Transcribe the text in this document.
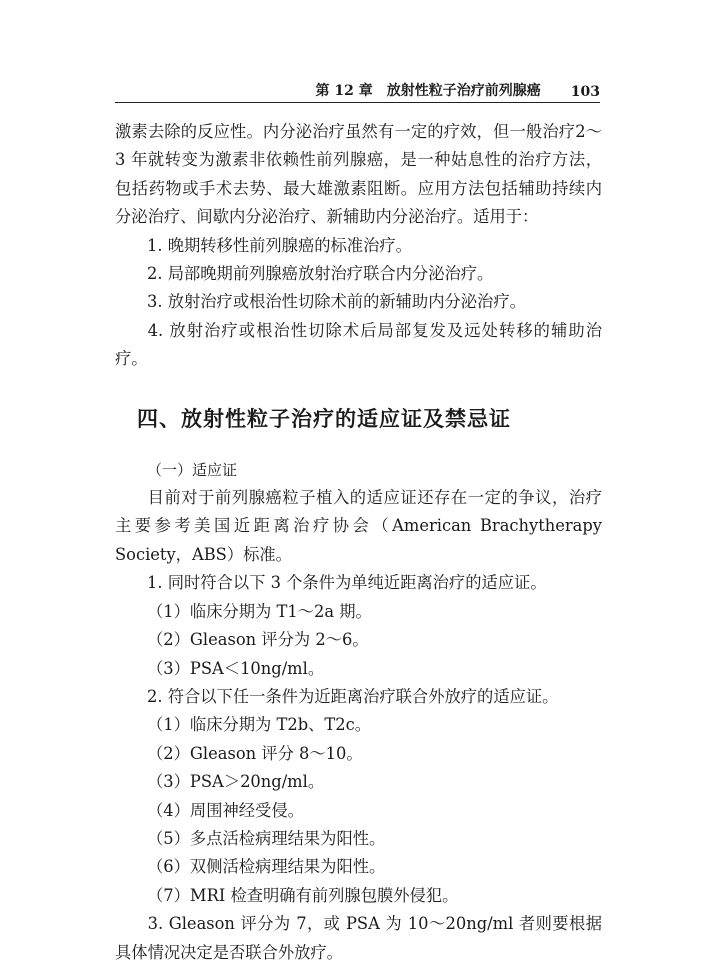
第 12 章　放射性粒子治疗前列腺癌 103

激素去除的反应性。内分泌治疗虽然有一定的疗效，但一般治疗2～3 年就转变为激素非依赖性前列腺癌，是一种姑息性的治疗方法，包括药物或手术去势、最大雄激素阻断。应用方法包括辅助持续内分泌治疗、间歇内分泌治疗、新辅助内分泌治疗。适用于：

1. 晚期转移性前列腺癌的标准治疗。

2. 局部晚期前列腺癌放射治疗联合内分泌治疗。

3. 放射治疗或根治性切除术前的新辅助内分泌治疗。

4. 放射治疗或根治性切除术后局部复发及远处转移的辅助治疗。

四、放射性粒子治疗的适应证及禁忌证
（一）适应证

目前对于前列腺癌粒子植入的适应证还存在一定的争议，治疗主要参考美国近距离治疗协会（American Brachytherapy Society，ABS）标准。

1. 同时符合以下 3 个条件为单纯近距离治疗的适应证。

（1）临床分期为 T1～2a 期。

（2）Gleason 评分为 2～6。

（3）PSA＜10ng/ml。

2. 符合以下任一条件为近距离治疗联合外放疗的适应证。

（1）临床分期为 T2b、T2c。

（2）Gleason 评分 8～10。

（3）PSA＞20ng/ml。

（4）周围神经受侵。

（5）多点活检病理结果为阳性。

（6）双侧活检病理结果为阳性。

（7）MRI 检查明确有前列腺包膜外侵犯。

3. Gleason 评分为 7，或 PSA 为 10～20ng/ml 者则要根据具体情况决定是否联合外放疗。
